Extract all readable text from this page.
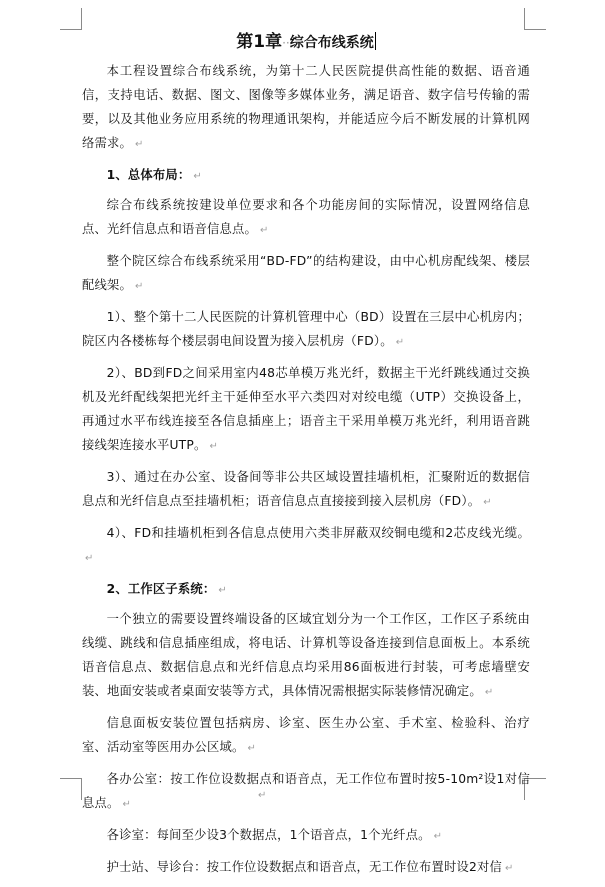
第1章··综合布线系统

本工程设置综合布线系统，为第十二人民医院提供高性能的数据、语音通信，支持电话、数据、图文、图像等多媒体业务，满足语音、数字信号传输的需要，以及其他业务应用系统的物理通讯架构，并能适应今后不断发展的计算机网络需求。 ↵

1、总体布局： ↵

综合布线系统按建设单位要求和各个功能房间的实际情况，设置网络信息点、光纤信息点和语音信息点。 ↵

整个院区综合布线系统采用“BD-FD”的结构建设，由中心机房配线架、楼层配线架。 ↵

1）、整个第十二人民医院的计算机管理中心（BD）设置在三层中心机房内；院区内各楼栋每个楼层弱电间设置为接入层机房（FD）。 ↵

2）、BD到FD之间采用室内48芯单模万兆光纤，数据主干光纤跳线通过交换机及光纤配线架把光纤主干延伸至水平六类四对对绞电缆（UTP）交换设备上，再通过水平布线连接至各信息插座上；语音主干采用单模万兆光纤，利用语音跳接线架连接水平UTP。 ↵

3）、通过在办公室、设备间等非公共区域设置挂墙机柜，汇聚附近的数据信息点和光纤信息点至挂墙机柜；语音信息点直接接到接入层机房（FD）。 ↵

4）、FD和挂墙机柜到各信息点使用六类非屏蔽双绞铜电缆和2芯皮线光缆。↵

2、工作区子系统： ↵

一个独立的需要设置终端设备的区域宜划分为一个工作区，工作区子系统由线缆、跳线和信息插座组成，将电话、计算机等设备连接到信息面板上。本系统语音信息点、数据信息点和光纤信息点均采用86面板进行封装，可考虑墙壁安装、地面安装或者桌面安装等方式，具体情况需根据实际装修情况确定。 ↵

信息面板安装位置包括病房、诊室、医生办公室、手术室、检验科、治疗室、活动室等医用办公区域。 ↵

各办公室：按工作位设数据点和语音点，无工作位布置时按5-10m²设1对信息点。 ↵

各诊室：每间至少设3个数据点，1个语音点，1个光纤点。 ↵

护士站、导诊台：按工作位设数据点和语音点，无工作位布置时设2对信 ↵

↵
